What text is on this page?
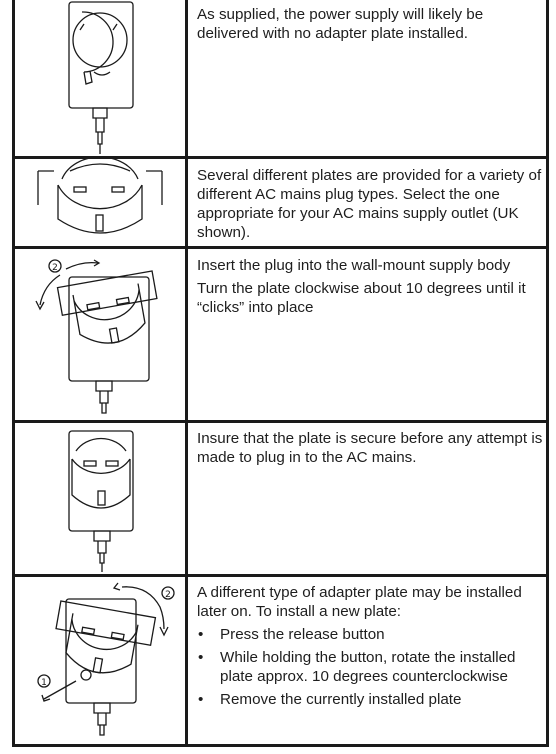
As supplied, the power supply will likely be delivered with no adapter plate installed.

Several different plates are provided for a variety of different AC mains plug types. Select the one appropriate for your AC mains supply outlet (UK shown).

2	Insert the plug into the wall-mount supply body

Turn the plate clockwise about 10 degrees until it “clicks” into place

Insure that the plate is secure before any attempt is made to plug in to the AC mains.

2
1

A different type of adapter plate may be installed later on. To install a new plate:

• Press the release button
• While holding the button, rotate the installed plate approx. 10 degrees counterclockwise
• Remove the currently installed plate
